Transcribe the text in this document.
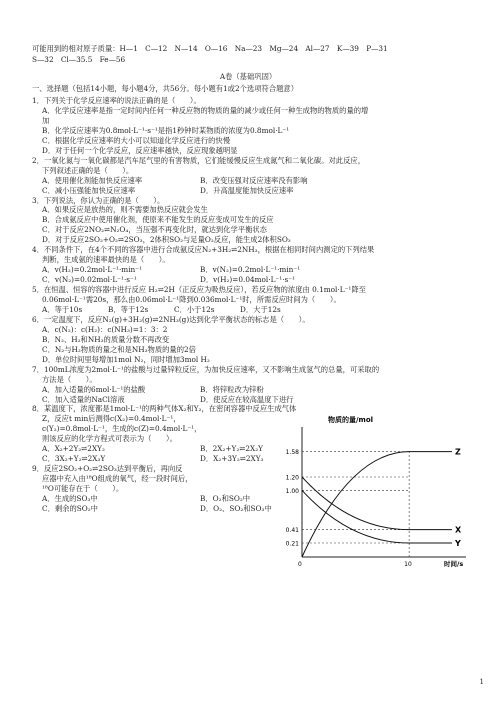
可能用到的相对原子质量：H—1　C—12　N—14　O—16　Na—23　Mg—24　Al—27　K—39　P—31
S—32　Cl—35.5　Fe—56
A卷（基础巩固）
一、选择题（包括14小题，每小题4分，共56分。每小题有1或2个选项符合题意）
1．下列关于化学反应速率的说法正确的是（　　）。
A．化学反应速率是指一定时间内任何一种反应物的物质的量的减少或任何一种生成物的物质的量的增
加
B．化学反应速率为0.8mol·L⁻¹·s⁻¹是指1秒钟时某物质的浓度为0.8mol·L⁻¹
C．根据化学反应速率的大小可以知道化学反应进行的快慢
D．对于任何一个化学反应，反应速率越快，反应现象越明显
2．一氧化氮与一氧化碳都是汽车尾气里的有害物质，它们能缓慢反应生成氮气和二氧化碳。对此反应，
下列叙述正确的是（　　）。
A．使用催化剂能加快反应速率	B．改变压强对反应速率没有影响
C．减小压强能加快反应速率	D．升高温度能加快反应速率
3．下列说法，你认为正确的是（　　）。
A．如果反应是放热的，则不需要加热反应就会发生
B．合成氨反应中使用催化剂，使原来不能发生的反应变成可发生的反应
C．对于反应2NO₂⇌N₂O₄，当压强不再变化时，就达到化学平衡状态
D．对于反应2SO₂+O₂⇌2SO₃，2体积SO₂与足量O₂反应，能生成2体积SO₃
4．不同条件下，在4个不同的容器中进行合成氨反应N₂+3H₂⇌2NH₃，根据在相同时间内测定的下列结果
判断，生成氨的速率最快的是（　　）。
A．v(H₂)=0.2mol·L⁻¹·min⁻¹	B．v(N₂)=0.2mol·L⁻¹·min⁻¹
C．v(N₂)=0.02mol·L⁻¹·s⁻¹	D．v(H₂)=0.04mol·L⁻¹·s⁻¹
5．在恒温、恒容的容器中进行反应 H₂⇌2H（正反应为吸热反应），若反应物的浓度由 0.1mol·L⁻¹降至
0.06mol·L⁻¹需20s，那么由0.06mol·L⁻¹降到0.036mol·L⁻¹时，所需反应时间为（　　）。
A．等于10s	B．等于12s	C．小于12s	D．大于12s
6．一定温度下，反应N₂(g)+3H₂(g)⇌2NH₃(g)达到化学平衡状态的标志是（　　）。
A．c(N₂)：c(H₂)：c(NH₃)=1：3：2
B．N₂、H₂和NH₃的质量分数不再改变
C．N₂与H₂物质的量之和是NH₃物质的量的2倍
D．单位时间里每增加1mol N₂，同时增加3mol H₂
7．100mL浓度为2mol·L⁻¹的盐酸与过量锌粒反应，为加快反应速率，又不影响生成氢气的总量，可采取的
方法是（　　）。
A．加入适量的6mol·L⁻¹的盐酸	B．将锌粒改为锌粉
C．加入适量的NaCl溶液	D．使反应在较高温度下进行
8．某温度下，浓度都是1mol·L⁻¹的两种气体X₂和Y₂，在密闭容器中反应生成气体
Z，反应t min后测得c(X₂)=0.4mol·L⁻¹，
c(Y₂)=0.8mol·L⁻¹，生成的c(Z)=0.4mol·L⁻¹，
则该反应的化学方程式可表示为（　　）。
A．X₂+2Y₂⇌2XY₂	B．2X₂+Y₂⇌2X₂Y
C．3X₂+Y₂⇌2X₃Y	D．X₂+3Y₂⇌2XY₃
9．反应2SO₂+O₂⇌2SO₃达到平衡后，再向反
应器中充入由¹⁸O组成的氧气，经一段时间后，
¹⁸O可能存在于（　　）。
A．生成的SO₃中	B．O₂和SO₂中
C．剩余的SO₂中	D．O₂、SO₂和SO₃中
物质的量/mol
1.58
1.20
1.00
0.41
0.21
0	10	时间/s
Z
Y
X
1
